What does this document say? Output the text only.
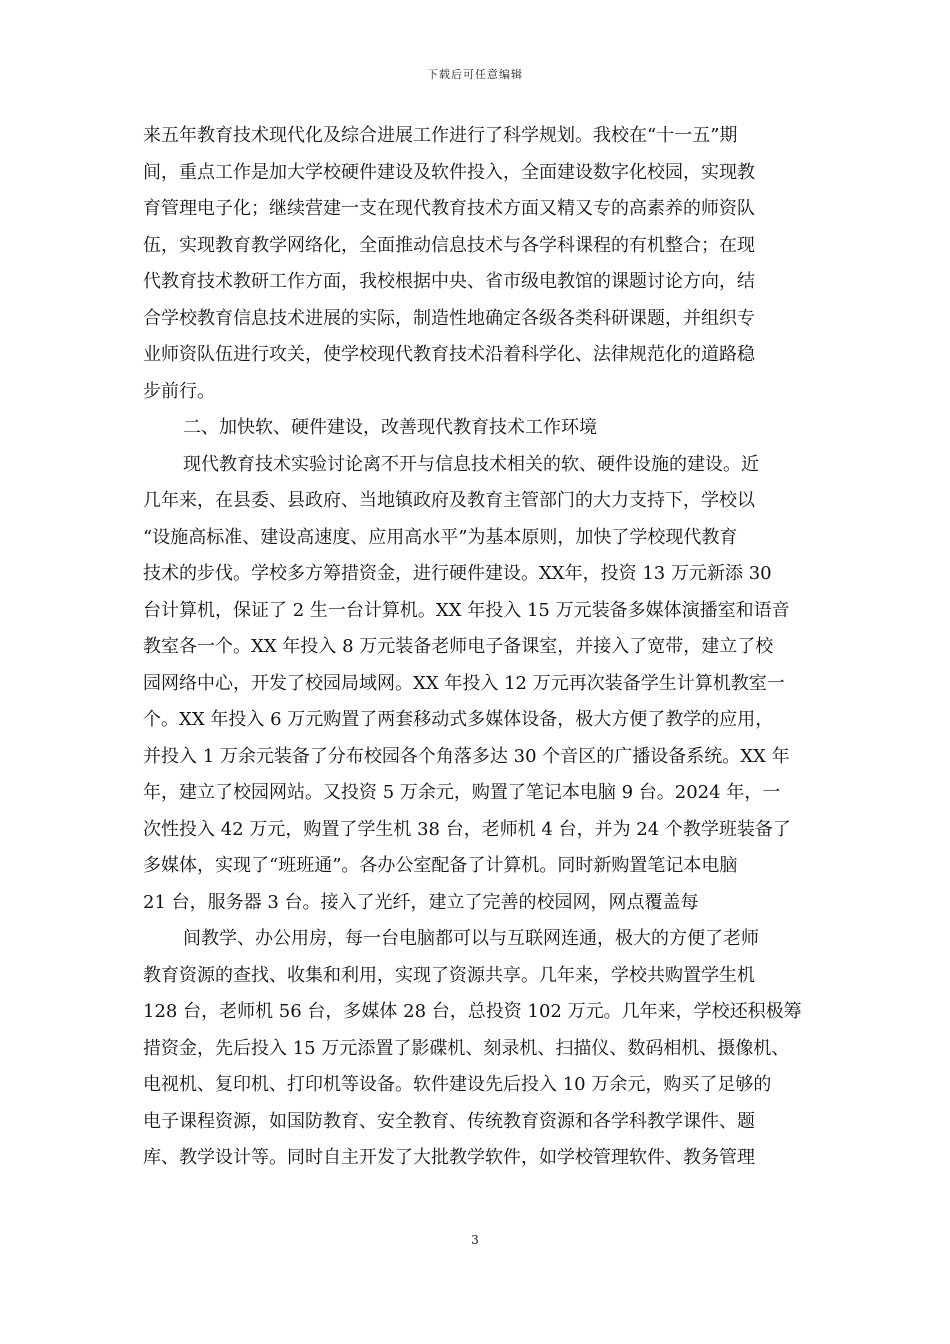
下载后可任意编辑
来五年教育技术现代化及综合进展工作进行了科学规划。我校在“十一五”期
间，重点工作是加大学校硬件建设及软件投入，全面建设数字化校园，实现教
育管理电子化；继续营建一支在现代教育技术方面又精又专的高素养的师资队
伍，实现教育教学网络化，全面推动信息技术与各学科课程的有机整合；在现
代教育技术教研工作方面，我校根据中央、省市级电教馆的课题讨论方向，结
合学校教育信息技术进展的实际，制造性地确定各级各类科研课题，并组织专
业师资队伍进行攻关，使学校现代教育技术沿着科学化、法律规范化的道路稳
步前行。
二、加快软、硬件建设，改善现代教育技术工作环境
现代教育技术实验讨论离不开与信息技术相关的软、硬件设施的建设。近
几年来，在县委、县政府、当地镇政府及教育主管部门的大力支持下，学校以
“设施高标准、建设高速度、应用高水平”为基本原则，加快了学校现代教育
技术的步伐。学校多方筹措资金，进行硬件建设。XX年，投资 13 万元新添 30
台计算机，保证了 2 生一台计算机。XX 年投入 15 万元装备多媒体演播室和语音
教室各一个。XX 年投入 8 万元装备老师电子备课室，并接入了宽带，建立了校
园网络中心，开发了校园局域网。XX 年投入 12 万元再次装备学生计算机教室一
个。XX 年投入 6 万元购置了两套移动式多媒体设备，极大方便了教学的应用，
并投入 1 万余元装备了分布校园各个角落多达 30 个音区的广播设备系统。XX 年
年，建立了校园网站。又投资 5 万余元，购置了笔记本电脑 9 台。2024 年，一
次性投入 42 万元，购置了学生机 38 台，老师机 4 台，并为 24 个教学班装备了
多媒体，实现了“班班通”。各办公室配备了计算机。同时新购置笔记本电脑
21 台，服务器 3 台。接入了光纤，建立了完善的校园网，网点覆盖每
间教学、办公用房，每一台电脑都可以与互联网连通，极大的方便了老师
教育资源的查找、收集和利用，实现了资源共享。几年来，学校共购置学生机
128 台，老师机 56 台，多媒体 28 台，总投资 102 万元。几年来，学校还积极筹
措资金，先后投入 15 万元添置了影碟机、刻录机、扫描仪、数码相机、摄像机、
电视机、复印机、打印机等设备。软件建设先后投入 10 万余元，购买了足够的
电子课程资源，如国防教育、安全教育、传统教育资源和各学科教学课件、题
库、教学设计等。同时自主开发了大批教学软件，如学校管理软件、教务管理
3
